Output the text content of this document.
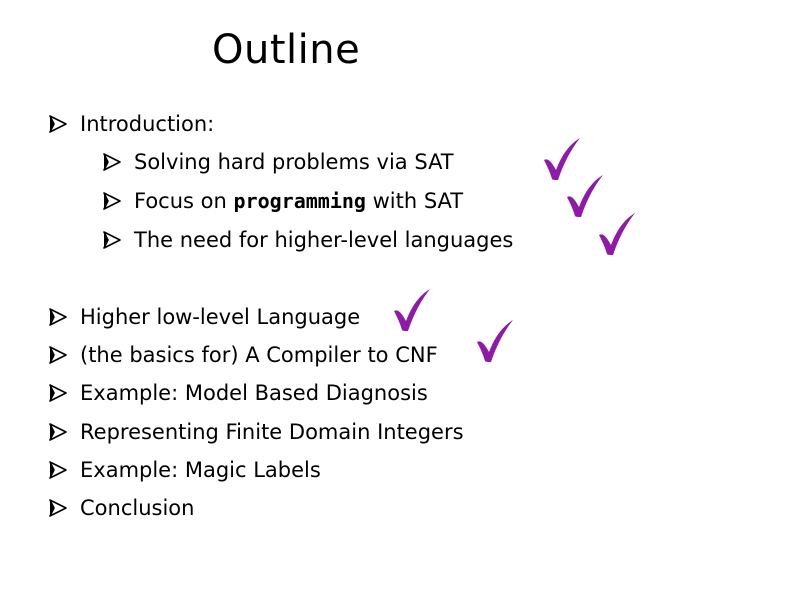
Outline
Introduction:
Solving hard problems via SAT
Focus on programming with SAT
The need for higher-level languages
Higher low-level Language
(the basics for) A Compiler to CNF
Example: Model Based Diagnosis
Representing Finite Domain Integers
Example: Magic Labels
Conclusion
